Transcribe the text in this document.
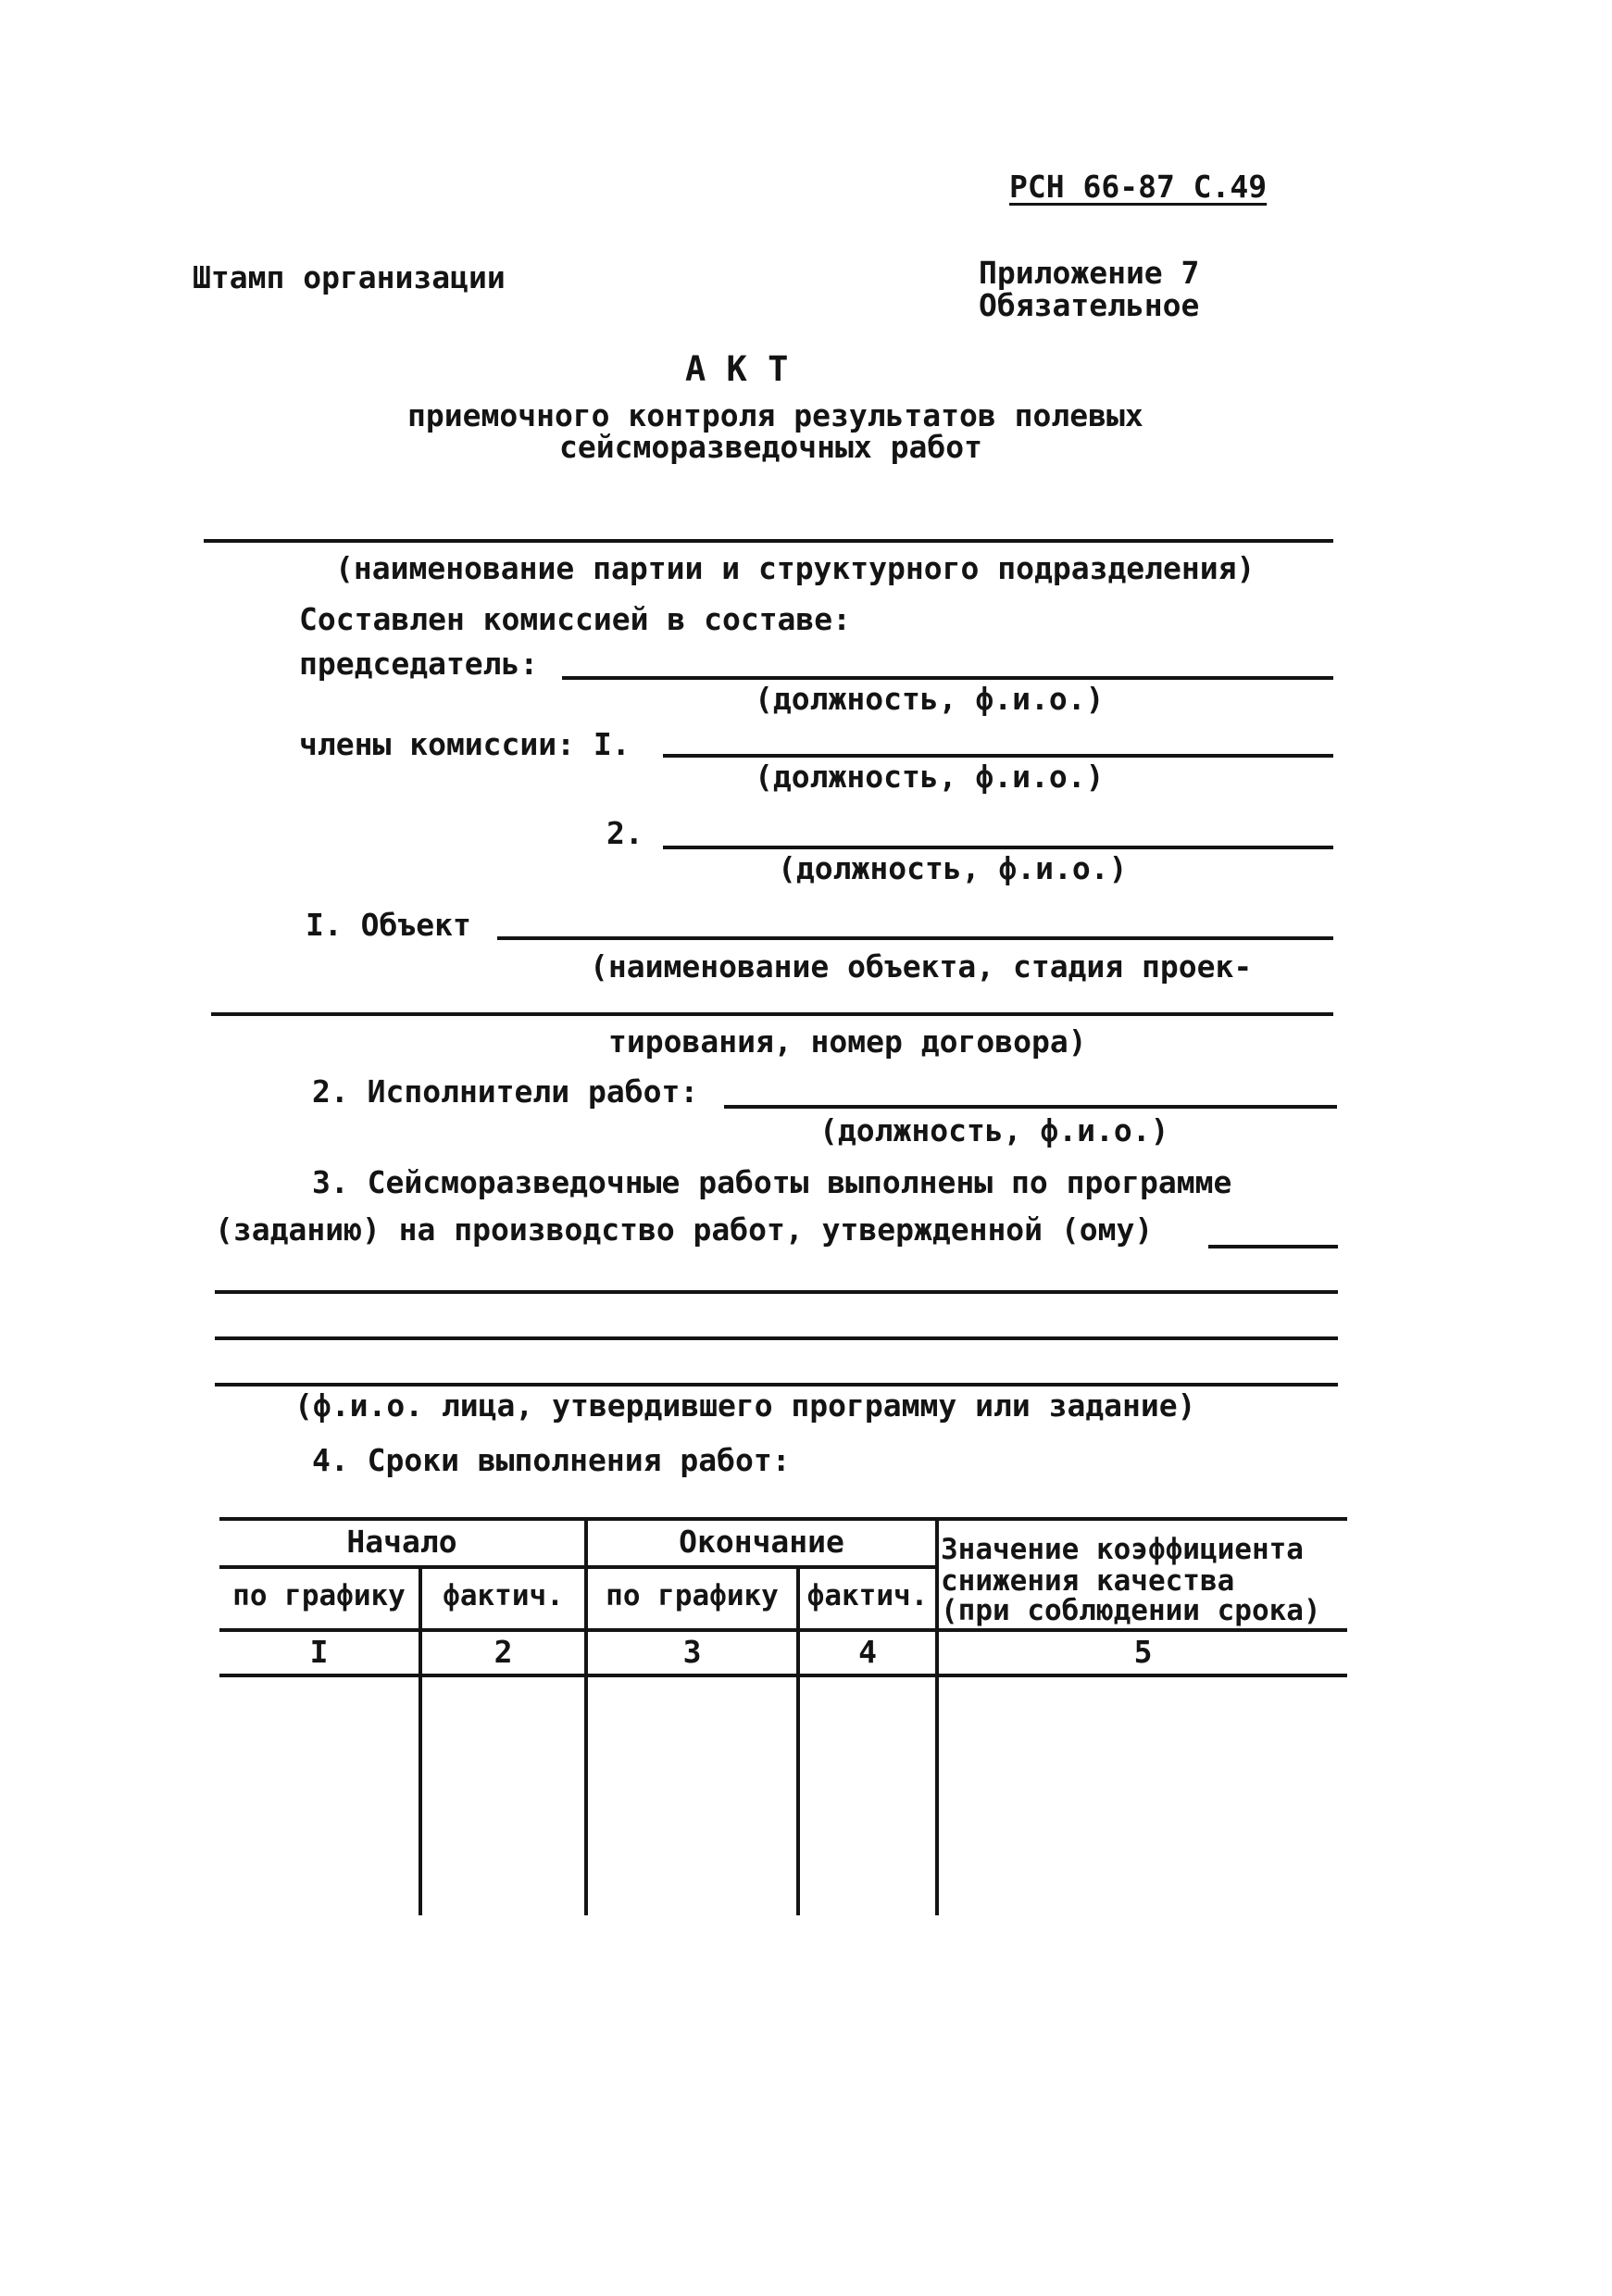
РСН 66-87 С.49
Штамп организации	Приложение 7
Обязательное
А К Т
приемочного контроля результатов полевых
сейсморазведочных работ
(наименование партии и структурного подразделения)
Составлен комиссией в составе:
председатель:
(должность, ф.и.о.)
члены комиссии: I.
(должность, ф.и.о.)
2.
(должность, ф.и.о.)
I. Объект
(наименование объекта, стадия проек-
тирования, номер договора)
2. Исполнители работ:
(должность, ф.и.о.)
3. Сейсморазведочные работы выполнены по программе
(заданию) на производство работ, утвержденной (ому)
(ф.и.о. лица, утвердившего программу или задание)
4. Сроки выполнения работ:
Начало	Окончание	Значение коэффициента
снижения качества
(при соблюдении срока)
по графику	фактич.	по графику фактич.
I	2	3	4	5
